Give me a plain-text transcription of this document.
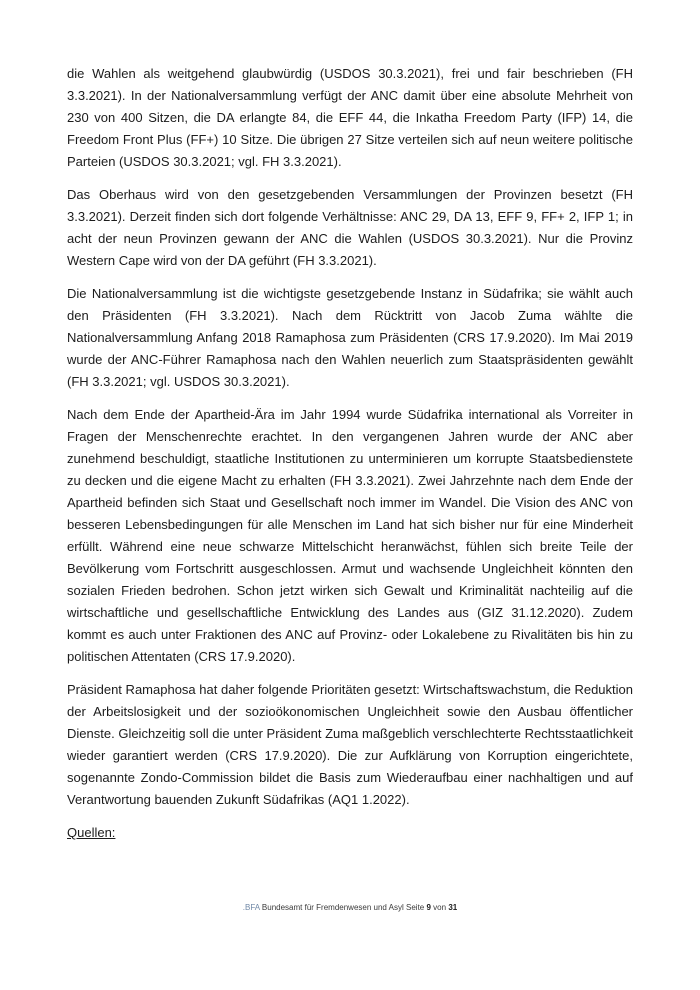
die Wahlen als weitgehend glaubwürdig (USDOS 30.3.2021), frei und fair beschrieben (FH 3.3.2021). In der Nationalversammlung verfügt der ANC damit über eine absolute Mehrheit von 230 von 400 Sitzen, die DA erlangte 84, die EFF 44, die Inkatha Freedom Party (IFP) 14, die Freedom Front Plus (FF+) 10 Sitze. Die übrigen 27 Sitze verteilen sich auf neun weitere politische Parteien (USDOS 30.3.2021; vgl. FH 3.3.2021).

Das Oberhaus wird von den gesetzgebenden Versammlungen der Provinzen besetzt (FH 3.3.2021). Derzeit finden sich dort folgende Verhältnisse: ANC 29, DA 13, EFF 9, FF+ 2, IFP 1; in acht der neun Provinzen gewann der ANC die Wahlen (USDOS 30.3.2021). Nur die Provinz Western Cape wird von der DA geführt (FH 3.3.2021).

Die Nationalversammlung ist die wichtigste gesetzgebende Instanz in Südafrika; sie wählt auch den Präsidenten (FH 3.3.2021). Nach dem Rücktritt von Jacob Zuma wählte die Nationalversammlung Anfang 2018 Ramaphosa zum Präsidenten (CRS 17.9.2020). Im Mai 2019 wurde der ANC-Führer Ramaphosa nach den Wahlen neuerlich zum Staatspräsidenten gewählt (FH 3.3.2021; vgl. USDOS 30.3.2021).

Nach dem Ende der Apartheid-Ära im Jahr 1994 wurde Südafrika international als Vorreiter in Fragen der Menschenrechte erachtet. In den vergangenen Jahren wurde der ANC aber zunehmend beschuldigt, staatliche Institutionen zu unterminieren um korrupte Staatsbedienstete zu decken und die eigene Macht zu erhalten (FH 3.3.2021). Zwei Jahrzehnte nach dem Ende der Apartheid befinden sich Staat und Gesellschaft noch immer im Wandel. Die Vision des ANC von besseren Lebensbedingungen für alle Menschen im Land hat sich bisher nur für eine Minderheit erfüllt. Während eine neue schwarze Mittelschicht heranwächst, fühlen sich breite Teile der Bevölkerung vom Fortschritt ausgeschlossen. Armut und wachsende Ungleichheit könnten den sozialen Frieden bedrohen. Schon jetzt wirken sich Gewalt und Kriminalität nachteilig auf die wirtschaftliche und gesellschaftliche Entwicklung des Landes aus (GIZ 31.12.2020). Zudem kommt es auch unter Fraktionen des ANC auf Provinz- oder Lokalebene zu Rivalitäten bis hin zu politischen Attentaten (CRS 17.9.2020).

Präsident Ramaphosa hat daher folgende Prioritäten gesetzt: Wirtschaftswachstum, die Reduktion der Arbeitslosigkeit und der sozioökonomischen Ungleichheit sowie den Ausbau öffentlicher Dienste. Gleichzeitig soll die unter Präsident Zuma maßgeblich verschlechterte Rechtsstaatlichkeit wieder garantiert werden (CRS 17.9.2020). Die zur Aufklärung von Korruption eingerichtete, sogenannte Zondo-Commission bildet die Basis zum Wiederaufbau einer nachhaltigen und auf Verantwortung bauenden Zukunft Südafrikas (AQ1 1.2022).

Quellen:

.BFA Bundesamt für Fremdenwesen und Asyl Seite 9 von 31
